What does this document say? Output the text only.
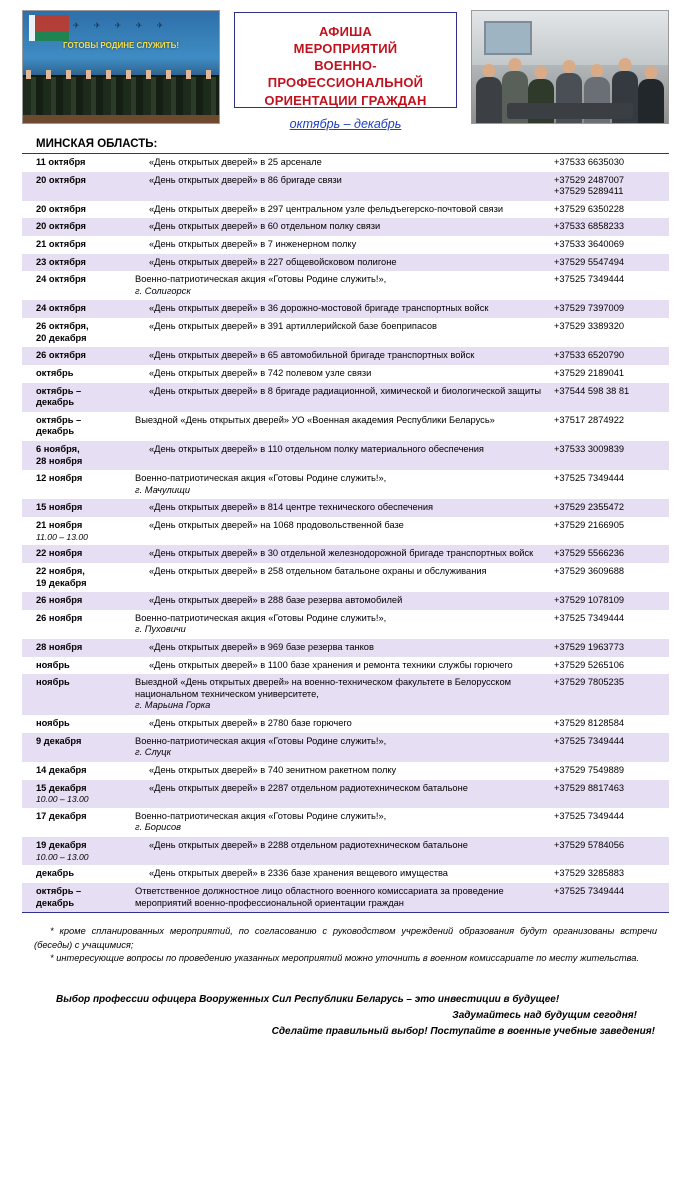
✈ ✈ ✈ ✈ ✈
ГОТОВЫ РОДИНЕ СЛУЖИТЬ!
АФИША
МЕРОПРИЯТИЙ
ВОЕННО-ПРОФЕССИОНАЛЬНОЙ
ОРИЕНТАЦИИ ГРАЖДАН
октябрь – декабрь
МИНСКАЯ ОБЛАСТЬ:
11 октября	«День открытых дверей» в 25 арсенале	+37533 6635030

20 октября	«День открытых дверей» в 86 бригаде связи	+37529 2487007
+37529 5289411

20 октября	«День открытых дверей» в 297 центральном узле фельдъегерско-почтовой связи	+37529 6350228

20 октября	«День открытых дверей» в 60 отдельном полку связи	+37533 6858233

21 октября	«День открытых дверей» в 7 инженерном полку	+37533 3640069

23 октября	«День открытых дверей» в 227 общевойсковом полигоне	+37529 5547494

24 октября	Военно-патриотическая акция «Готовы Родине служить!»,
г. Солигорск	+37525 7349444

24 октября	«День открытых дверей» в 36 дорожно-мостовой бригаде транспортных войск	+37529 7397009

26 октября,
20 декабря	«День открытых дверей» в 391 артиллерийской базе боеприпасов	+37529 3389320

26 октября	«День открытых дверей» в 65 автомобильной бригаде транспортных войск	+37533 6520790

октябрь	«День открытых дверей» в 742 полевом узле связи	+37529 2189041

октябрь –
декабрь	«День открытых дверей» в 8 бригаде радиационной, химической и биологической защиты	+37544 598 38 81

октябрь –
декабрь	Выездной «День открытых дверей» УО «Военная академия Республики Беларусь»	+37517 2874922

6 ноября,
28 ноября	«День открытых дверей» в 110 отдельном полку материального обеспечения	+37533 3009839

12 ноября	Военно-патриотическая акция «Готовы Родине служить!»,
г. Мачулищи	+37525 7349444

15 ноября	«День открытых дверей» в 814 центре технического обеспечения	+37529 2355472

21 ноября
11.00 – 13.00	«День открытых дверей» на 1068 продовольственной базе	+37529 2166905

22 ноября	«День открытых дверей» в 30 отдельной железнодорожной бригаде транспортных войск	+37529 5566236

22 ноября,
19 декабря	«День открытых дверей» в 258 отдельном батальоне охраны и обслуживания	+37529 3609688

26 ноября	«День открытых дверей» в 288 базе резерва автомобилей	+37529 1078109

26 ноября	Военно-патриотическая акция «Готовы Родине служить!»,
г. Пуховичи	+37525 7349444

28 ноября	«День открытых дверей» в 969 базе резерва танков	+37529 1963773

ноябрь	«День открытых дверей» в 1100 базе хранения и ремонта техники службы горючего	+37529 5265106

ноябрь	Выездной «День открытых дверей» на военно-техническом факультете в Белорусском национальном техническом университете,
г. Марьина Горка	+37529 7805235

ноябрь	«День открытых дверей» в 2780 базе горючего	+37529 8128584

9 декабря	Военно-патриотическая акция «Готовы Родине служить!»,
г. Слуцк	+37525 7349444

14 декабря	«День открытых дверей» в 740 зенитном ракетном полку	+37529 7549889

15 декабря
10.00 – 13.00	«День открытых дверей» в 2287 отдельном радиотехническом батальоне	+37529 8817463

17 декабря	Военно-патриотическая акция «Готовы Родине служить!»,
г. Борисов	+37525 7349444

19 декабря
10.00 – 13.00	«День открытых дверей» в 2288 отдельном радиотехническом батальоне	+37529 5784056

декабрь	«День открытых дверей» в 2336 базе хранения вещевого имущества	+37529 3285883

октябрь –
декабрь	Ответственное должностное лицо областного военного комиссариата за проведение мероприятий военно-профессиональной ориентации граждан	+37525 7349444

* кроме спланированных мероприятий, по согласованию с руководством учреждений образования будут организованы встречи (беседы) с учащимися;

* интересующие вопросы по проведению указанных мероприятий можно уточнить в военном комиссариате по месту жительства.

Выбор профессии офицера Вооруженных Сил Республики Беларусь – это инвестиции в будущее!
Задумайтесь над будущим сегодня!
Сделайте правильный выбор! Поступайте в военные учебные заведения!
